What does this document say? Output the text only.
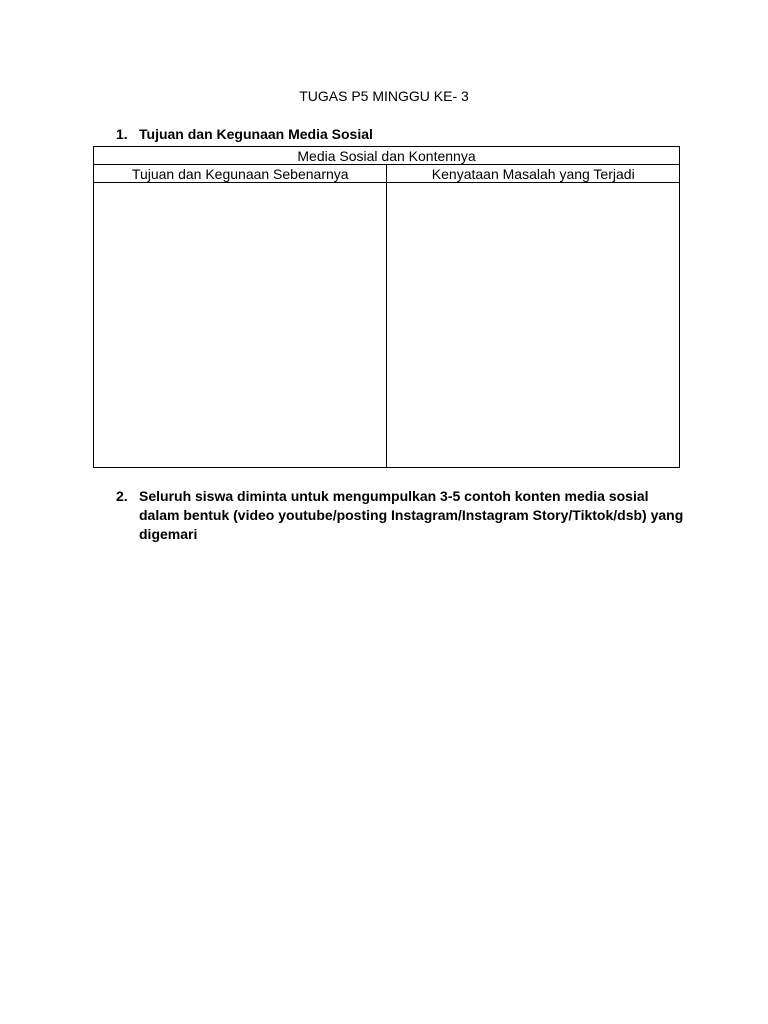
TUGAS P5 MINGGU KE- 3
1. Tujuan dan Kegunaan Media Sosial
Media Sosial dan Kontennya	
Tujuan dan Kegunaan Sebenarnya	Kenyataan Masalah yang Terjadi

2. Seluruh siswa diminta untuk mengumpulkan 3-5 contoh konten media sosial dalam bentuk (video youtube/posting Instagram/Instagram Story/Tiktok/dsb) yang digemari
